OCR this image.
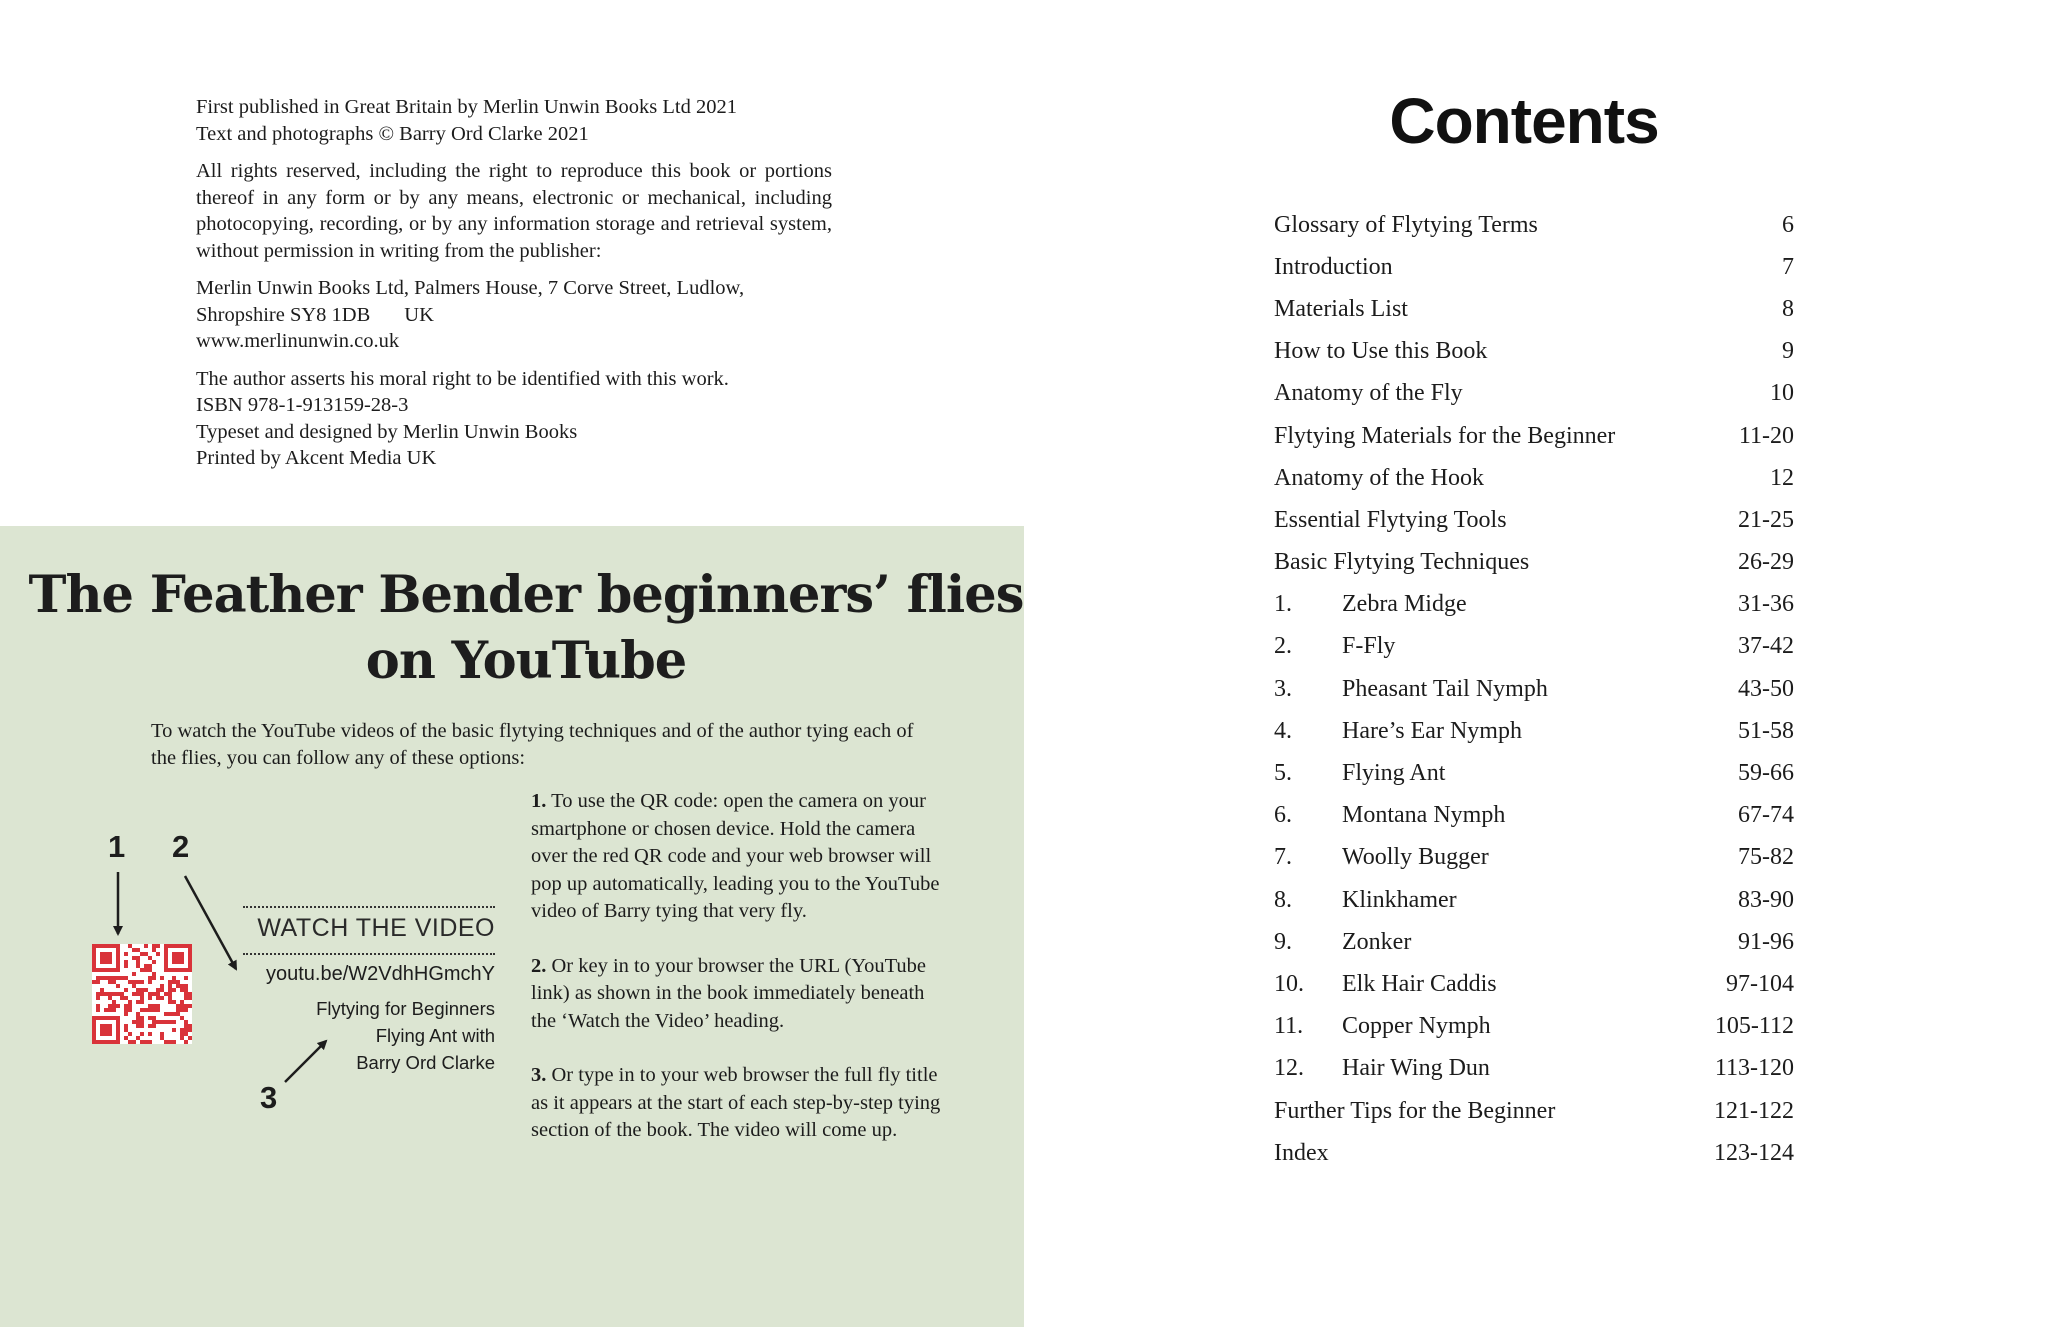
First published in Great Britain by Merlin Unwin Books Ltd 2021
Text and photographs © Barry Ord Clarke 2021

All rights reserved, including the right to reproduce this book or portions thereof in any form or by any means, electronic or mechanical, including photocopying, recording, or by any information storage and retrieval system, without permission in writing from the publisher:

Merlin Unwin Books Ltd, Palmers House, 7 Corve Street, Ludlow,
Shropshire SY8 1DB UK
www.merlinunwin.co.uk

The author asserts his moral right to be identified with this work.
ISBN 978-1-913159-28-3
Typeset and designed by Merlin Unwin Books
Printed by Akcent Media UK

The Feather Bender beginners’ flies
on YouTube
To watch the YouTube videos of the basic flytying techniques and of the author tying each of the flies, you can follow any of these options:
1 2
3
WATCH THE VIDEO
youtu.be/W2VdhHGmchY
Flytying for Beginners
Flying Ant with
Barry Ord Clarke

1. To use the QR code: open the camera on your smartphone or chosen device. Hold the camera over the red QR code and your web browser will pop up automatically, leading you to the YouTube video of Barry tying that very fly.

2. Or key in to your browser the URL (YouTube link) as shown in the book immediately beneath the ‘Watch the Video’ heading.

3. Or type in to your web browser the full fly title as it appears at the start of each step-by-step tying section of the book. The video will come up.

Contents
Glossary of Flytying Terms	6
Introduction	7
Materials List	8
How to Use this Book	9
Anatomy of the Fly	10
Flytying Materials for the Beginner	11-20
Anatomy of the Hook	12
Essential Flytying Tools	21-25
Basic Flytying Techniques	26-29
1.	Zebra Midge	31-36
2.	F-Fly	37-42
3.	Pheasant Tail Nymph	43-50
4.	Hare’s Ear Nymph	51-58
5.	Flying Ant	59-66
6.	Montana Nymph	67-74
7.	Woolly Bugger	75-82
8.	Klinkhamer	83-90
9.	Zonker	91-96
10.	Elk Hair Caddis	97-104
11.	Copper Nymph	105-112
12.	Hair Wing Dun	113-120
Further Tips for the Beginner	121-122
Index	123-124
